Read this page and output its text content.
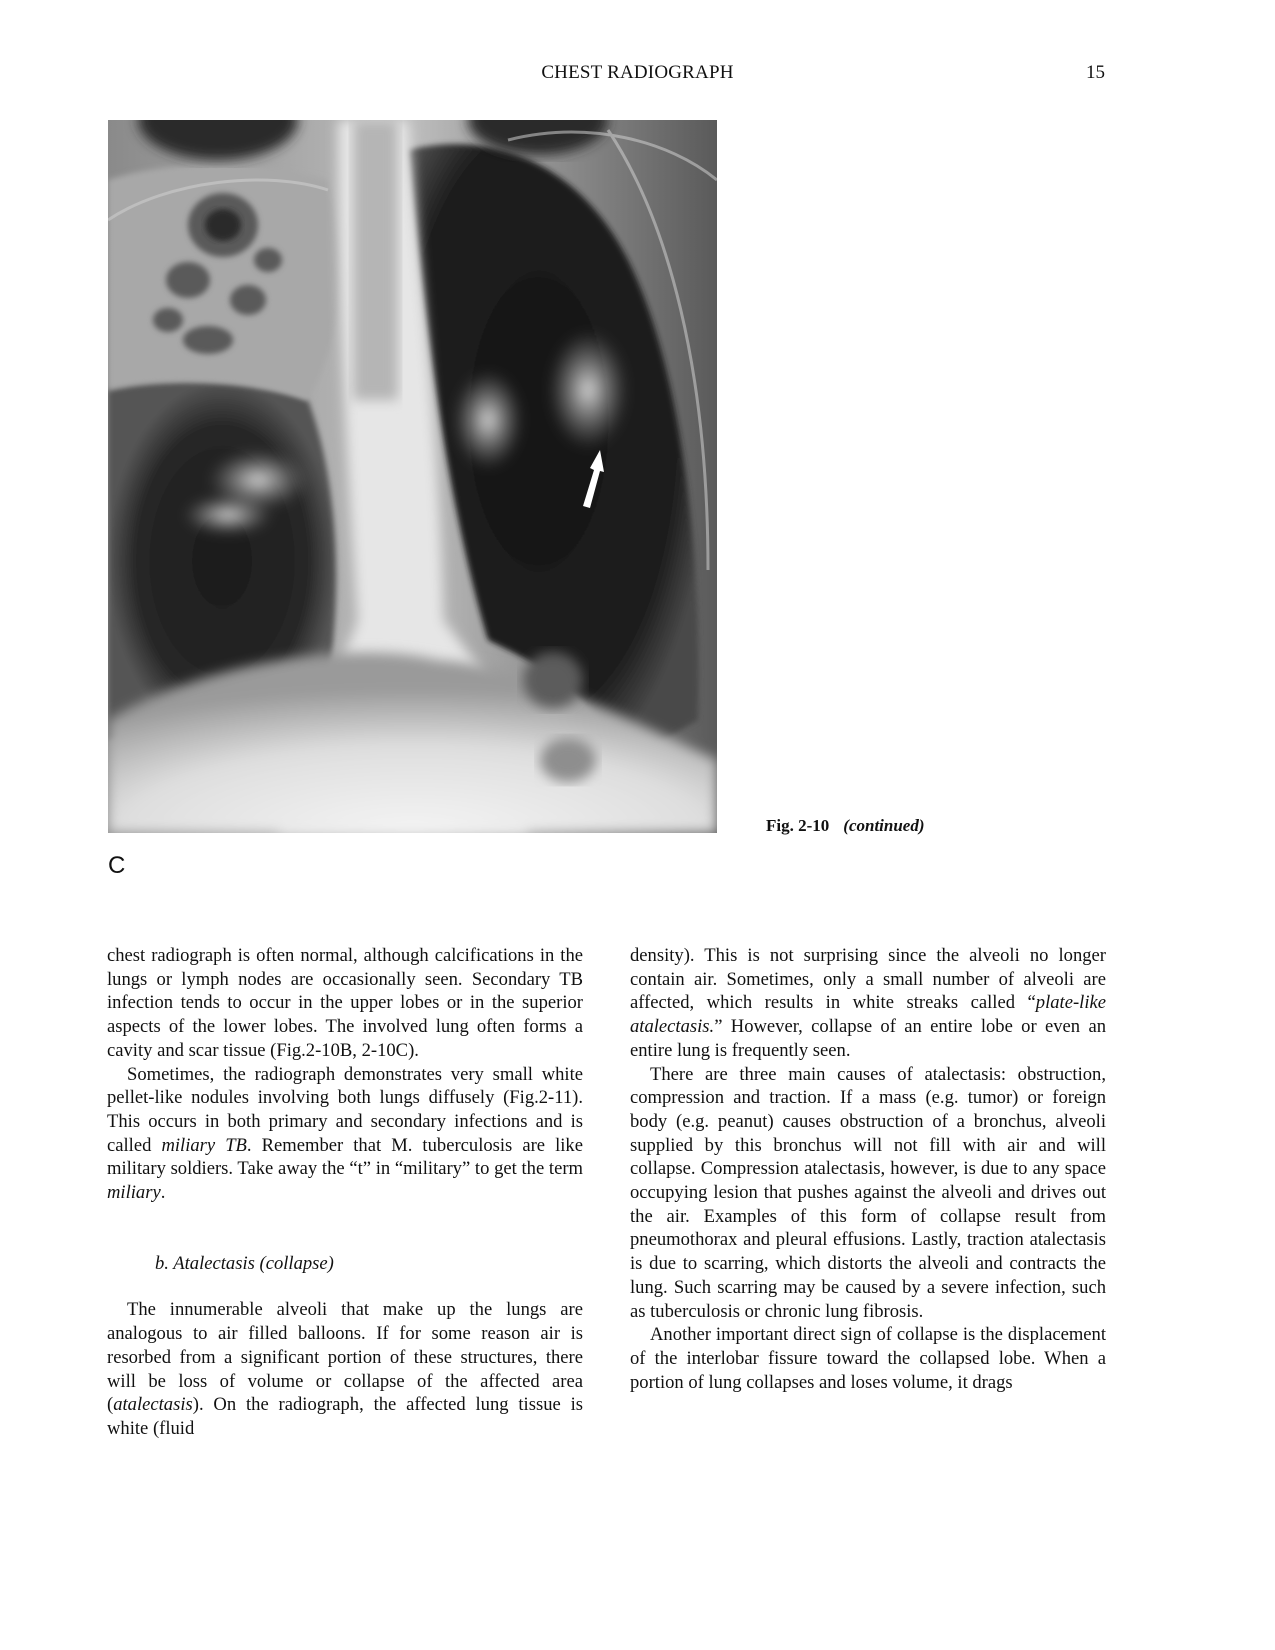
CHEST RADIOGRAPH	15
C
Fig. 2-10 (continued)

chest radiograph is often normal, although calcifications in the lungs or lymph nodes are occasionally seen. Secondary TB infection tends to occur in the upper lobes or in the superior aspects of the lower lobes. The involved lung often forms a cavity and scar tissue (Fig.2-10B, 2-10C).

Sometimes, the radiograph demonstrates very small white pellet-like nodules involving both lungs diffusely (Fig.2-11). This occurs in both primary and secondary infections and is called miliary TB. Remember that M. tuberculosis are like military soldiers. Take away the “t” in “military” to get the term miliary.

b. Atalectasis (collapse)

The innumerable alveoli that make up the lungs are analogous to air filled balloons. If for some reason air is resorbed from a significant portion of these structures, there will be loss of volume or collapse of the affected area (atalectasis). On the radiograph, the affected lung tissue is white (fluid

density). This is not surprising since the alveoli no longer contain air. Sometimes, only a small number of alveoli are affected, which results in white streaks called “plate-like atalectasis.” However, collapse of an entire lobe or even an entire lung is frequently seen.

There are three main causes of atalectasis: obstruction, compression and traction. If a mass (e.g. tumor) or foreign body (e.g. peanut) causes obstruction of a bronchus, alveoli supplied by this bronchus will not fill with air and will collapse. Compression atalectasis, however, is due to any space occupying lesion that pushes against the alveoli and drives out the air. Examples of this form of collapse result from pneumothorax and pleural effusions. Lastly, traction atalectasis is due to scarring, which distorts the alveoli and contracts the lung. Such scarring may be caused by a severe infection, such as tuberculosis or chronic lung fibrosis.

Another important direct sign of collapse is the displacement of the interlobar fissure toward the collapsed lobe. When a portion of lung collapses and loses volume, it drags
